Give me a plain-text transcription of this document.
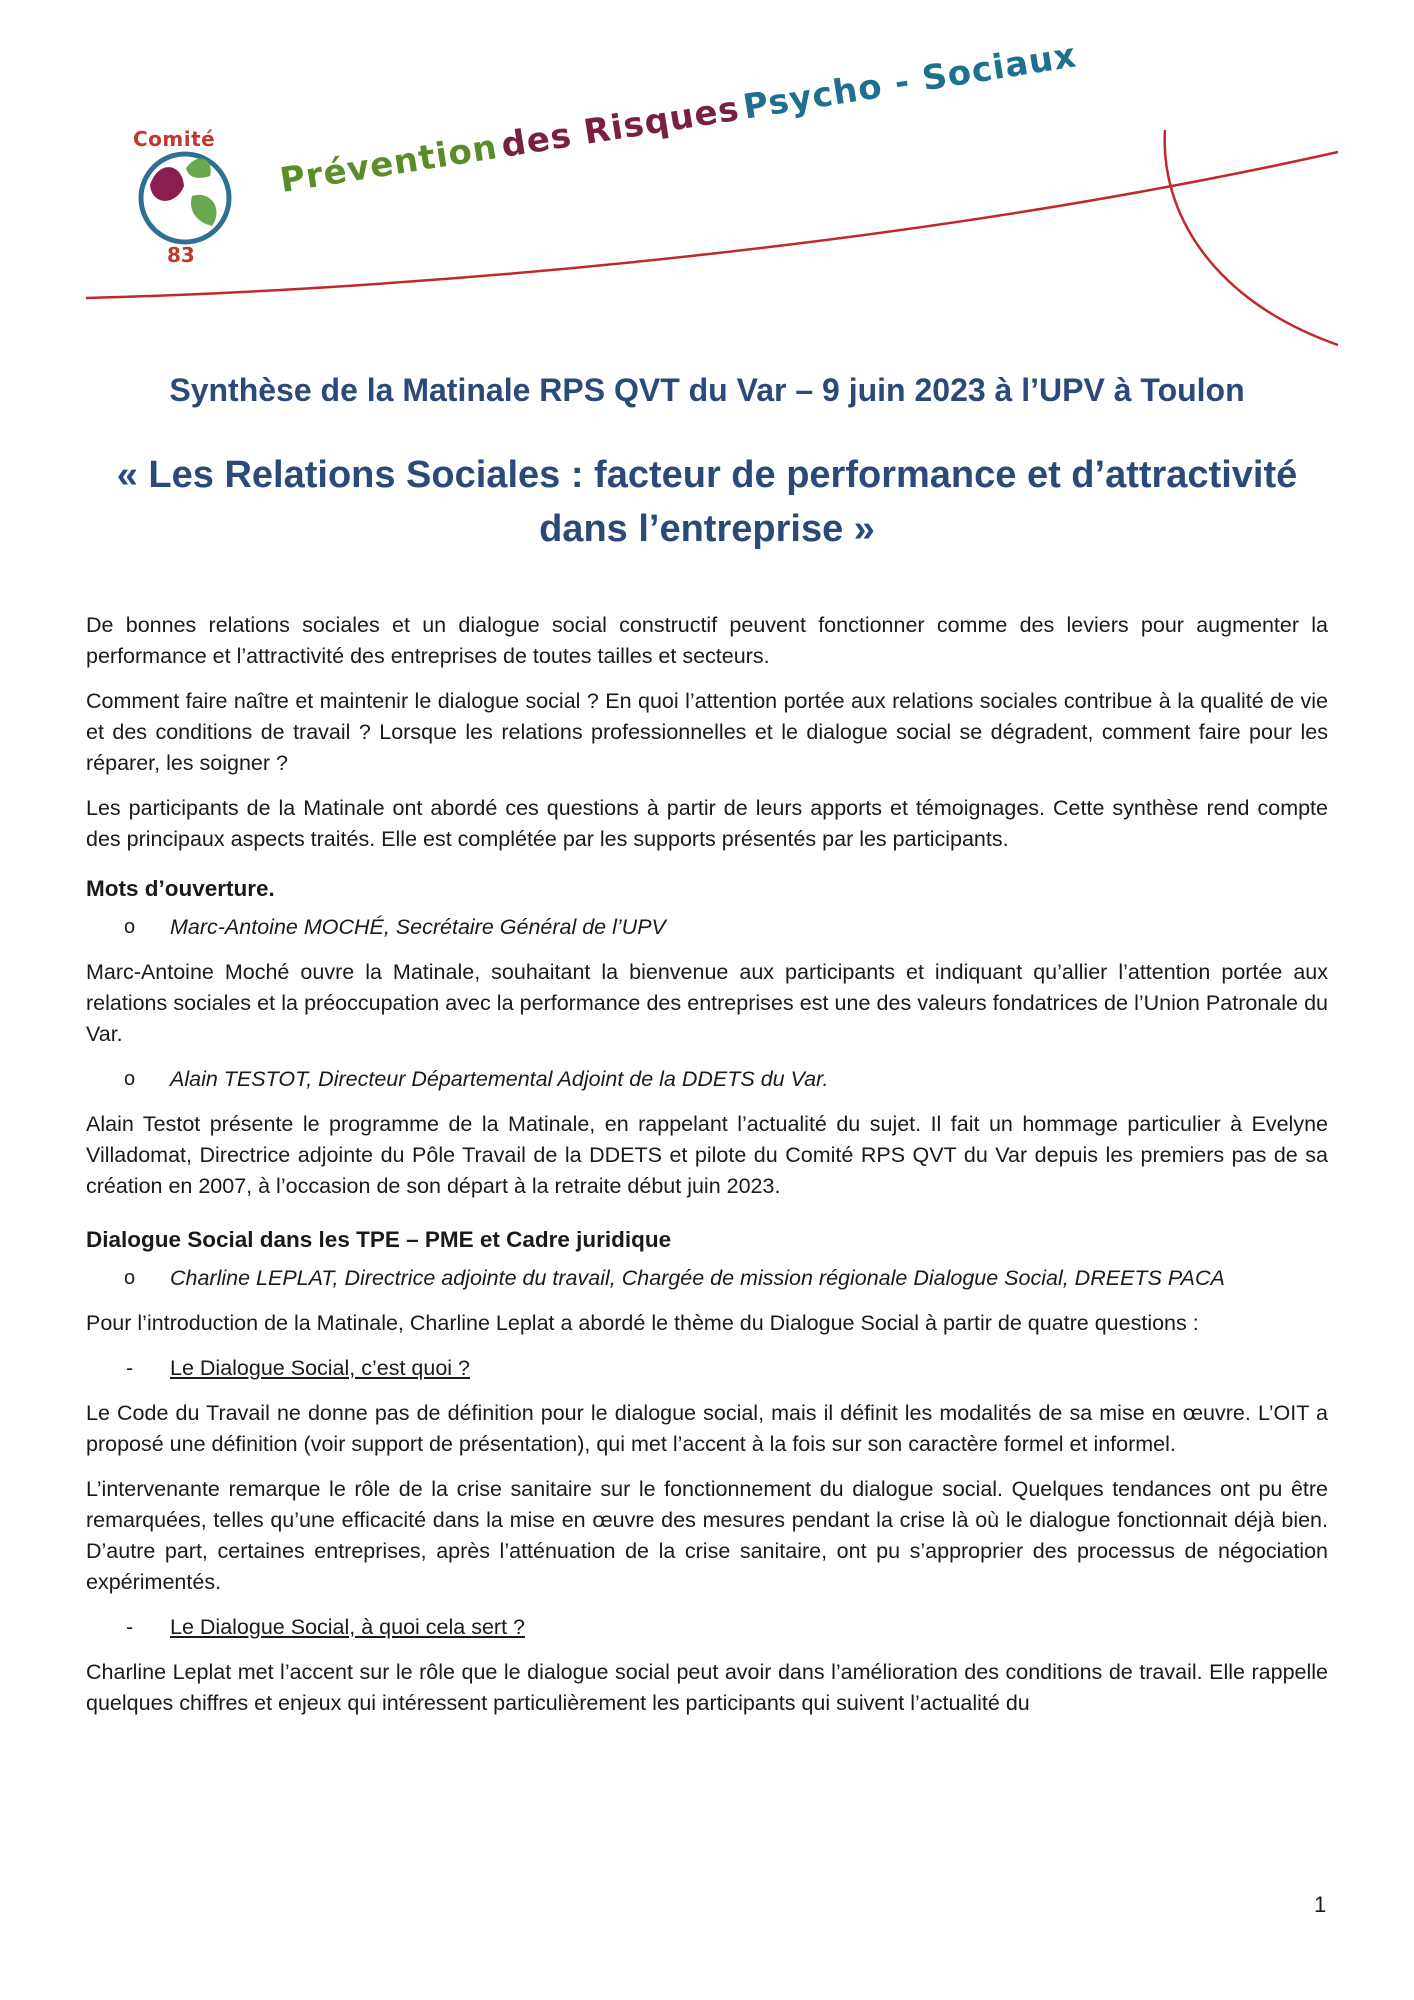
Comité
83
Prévention des Risques Psycho - Sociaux
Synthèse de la Matinale RPS QVT du Var – 9 juin 2023 à l’UPV à Toulon
« Les Relations Sociales : facteur de performance et d’attractivité dans l’entreprise »

De bonnes relations sociales et un dialogue social constructif peuvent fonctionner comme des leviers pour augmenter la performance et l’attractivité des entreprises de toutes tailles et secteurs.

Comment faire naître et maintenir le dialogue social ? En quoi l’attention portée aux relations sociales contribue à la qualité de vie et des conditions de travail ? Lorsque les relations professionnelles et le dialogue social se dégradent, comment faire pour les réparer, les soigner ?

Les participants de la Matinale ont abordé ces questions à partir de leurs apports et témoignages. Cette synthèse rend compte des principaux aspects traités. Elle est complétée par les supports présentés par les participants.

Mots d’ouverture.
o Marc-Antoine MOCHÉ, Secrétaire Général de l’UPV

Marc-Antoine Moché ouvre la Matinale, souhaitant la bienvenue aux participants et indiquant qu’allier l’attention portée aux relations sociales et la préoccupation avec la performance des entreprises est une des valeurs fondatrices de l’Union Patronale du Var.

o Alain TESTOT, Directeur Départemental Adjoint de la DDETS du Var.

Alain Testot présente le programme de la Matinale, en rappelant l’actualité du sujet. Il fait un hommage particulier à Evelyne Villadomat, Directrice adjointe du Pôle Travail de la DDETS et pilote du Comité RPS QVT du Var depuis les premiers pas de sa création en 2007, à l’occasion de son départ à la retraite début juin 2023.

Dialogue Social dans les TPE – PME et Cadre juridique
o Charline LEPLAT, Directrice adjointe du travail, Chargée de mission régionale Dialogue Social, DREETS PACA

Pour l’introduction de la Matinale, Charline Leplat a abordé le thème du Dialogue Social à partir de quatre questions :

- Le Dialogue Social, c’est quoi ?

Le Code du Travail ne donne pas de définition pour le dialogue social, mais il définit les modalités de sa mise en œuvre. L’OIT a proposé une définition (voir support de présentation), qui met l’accent à la fois sur son caractère formel et informel.

L’intervenante remarque le rôle de la crise sanitaire sur le fonctionnement du dialogue social. Quelques tendances ont pu être remarquées, telles qu’une efficacité dans la mise en œuvre des mesures pendant la crise là où le dialogue fonctionnait déjà bien. D’autre part, certaines entreprises, après l’atténuation de la crise sanitaire, ont pu s’approprier des processus de négociation expérimentés.

- Le Dialogue Social, à quoi cela sert ?

Charline Leplat met l’accent sur le rôle que le dialogue social peut avoir dans l’amélioration des conditions de travail. Elle rappelle quelques chiffres et enjeux qui intéressent particulièrement les participants qui suivent l’actualité du

1
